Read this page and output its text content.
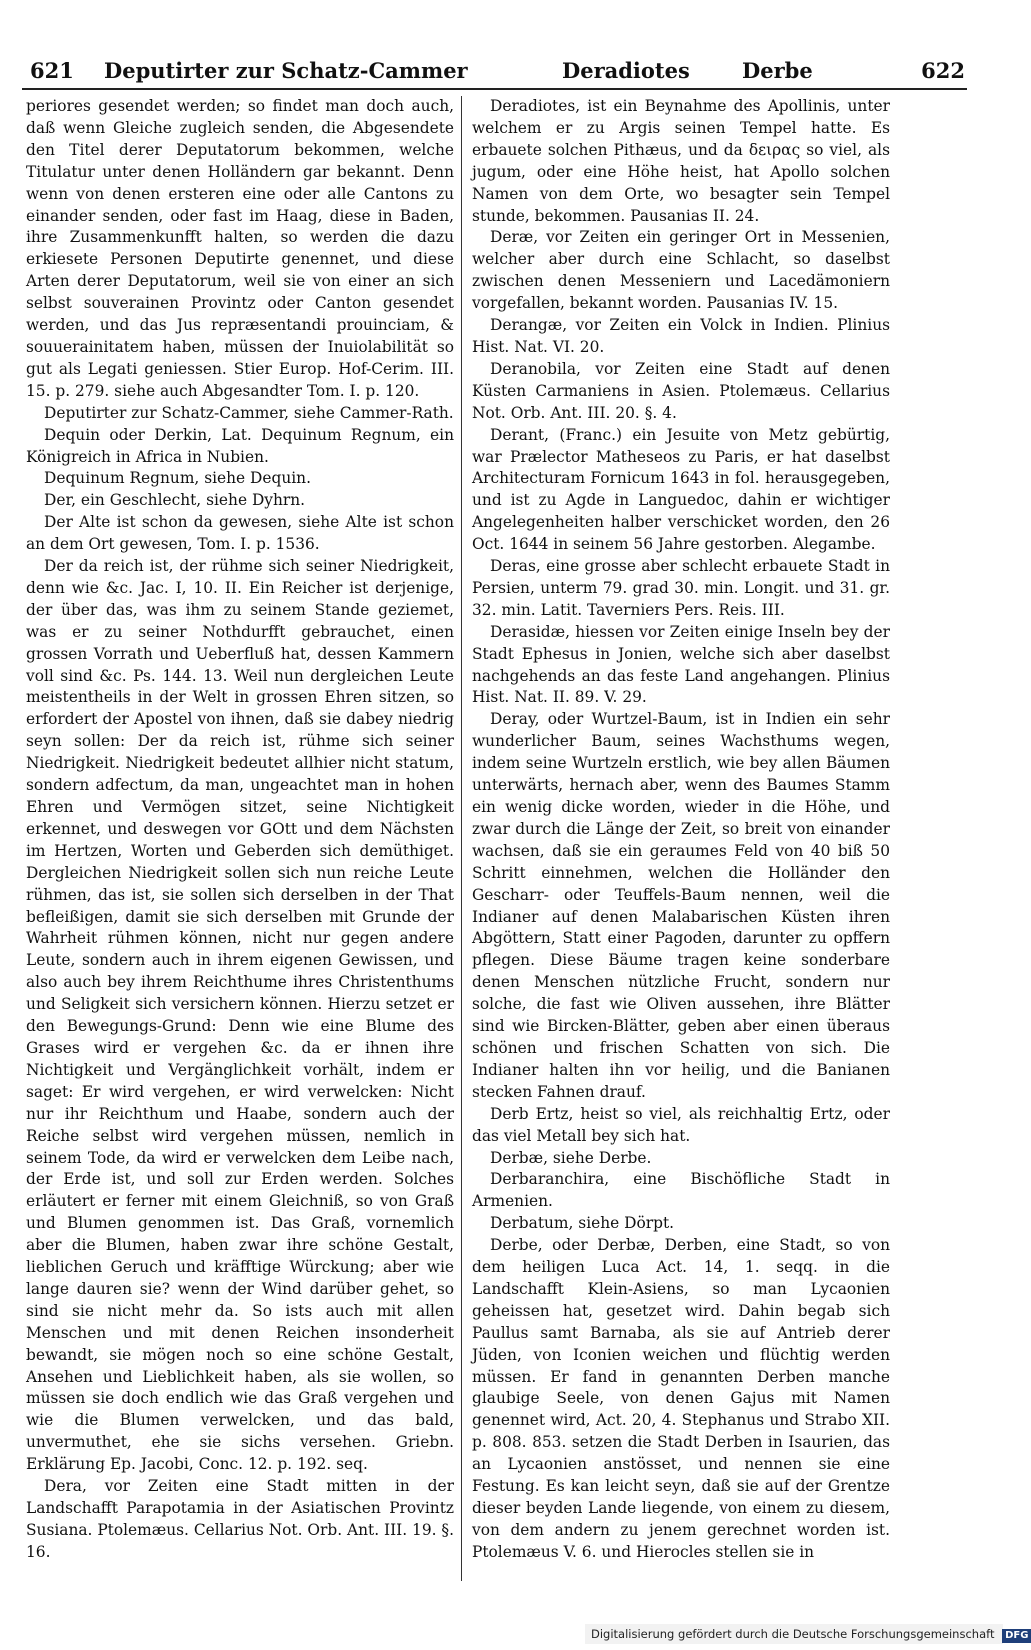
621 Deputirter zur Schatz-Cammer	Deradiotes Derbe	622

periores gesendet werden; so findet man doch auch, daß wenn Gleiche zugleich senden, die Abgesendete den Titel derer Deputatorum bekommen, welche Titulatur unter denen Holländern gar bekannt. Denn wenn von denen ersteren eine oder alle Cantons zu einander senden, oder fast im Haag, diese in Baden, ihre Zusammenkunfft halten, so werden die dazu erkiesete Personen Deputirte genennet, und diese Arten derer Deputatorum, weil sie von einer an sich selbst souverainen Provintz oder Canton gesendet werden, und das Jus repræsentandi prouinciam, & souuerainitatem haben, müssen der Inuiolabilität so gut als Legati geniessen. Stier Europ. Hof-Cerim. III. 15. p. 279. siehe auch Abgesandter Tom. I. p. 120.

Deputirter zur Schatz-Cammer, siehe Cammer-Rath.

Dequin oder Derkin, Lat. Dequinum Regnum, ein Königreich in Africa in Nubien.

Dequinum Regnum, siehe Dequin.

Der, ein Geschlecht, siehe Dyhrn.

Der Alte ist schon da gewesen, siehe Alte ist schon an dem Ort gewesen, Tom. I. p. 1536.

Der da reich ist, der rühme sich seiner Niedrigkeit, denn wie &c. Jac. I, 10. II. Ein Reicher ist derjenige, der über das, was ihm zu seinem Stande geziemet, was er zu seiner Nothdurfft gebrauchet, einen grossen Vorrath und Ueberfluß hat, dessen Kammern voll sind &c. Ps. 144. 13. Weil nun dergleichen Leute meistentheils in der Welt in grossen Ehren sitzen, so erfordert der Apostel von ihnen, daß sie dabey niedrig seyn sollen: Der da reich ist, rühme sich seiner Niedrigkeit. Niedrigkeit bedeutet allhier nicht statum, sondern adfectum, da man, ungeachtet man in hohen Ehren und Vermögen sitzet, seine Nichtigkeit erkennet, und deswegen vor GOtt und dem Nächsten im Hertzen, Worten und Geberden sich demüthiget. Dergleichen Niedrigkeit sollen sich nun reiche Leute rühmen, das ist, sie sollen sich derselben in der That befleißigen, damit sie sich derselben mit Grunde der Wahrheit rühmen können, nicht nur gegen andere Leute, sondern auch in ihrem eigenen Gewissen, und also auch bey ihrem Reichthume ihres Christenthums und Seligkeit sich versichern können. Hierzu setzet er den Bewegungs-Grund: Denn wie eine Blume des Grases wird er vergehen &c. da er ihnen ihre Nichtigkeit und Vergänglichkeit vorhält, indem er saget: Er wird vergehen, er wird verwelcken: Nicht nur ihr Reichthum und Haabe, sondern auch der Reiche selbst wird vergehen müssen, nemlich in seinem Tode, da wird er verwelcken dem Leibe nach, der Erde ist, und soll zur Erden werden. Solches erläutert er ferner mit einem Gleichniß, so von Graß und Blumen genommen ist. Das Graß, vornemlich aber die Blumen, haben zwar ihre schöne Gestalt, lieblichen Geruch und kräfftige Würckung; aber wie lange dauren sie? wenn der Wind darüber gehet, so sind sie nicht mehr da. So ists auch mit allen Menschen und mit denen Reichen insonderheit bewandt, sie mögen noch so eine schöne Gestalt, Ansehen und Lieblichkeit haben, als sie wollen, so müssen sie doch endlich wie das Graß vergehen und wie die Blumen verwelcken, und das bald, unvermuthet, ehe sie sichs versehen. Griebn. Erklärung Ep. Jacobi, Conc. 12. p. 192. seq.

Dera, vor Zeiten eine Stadt mitten in der Landschafft Parapotamia in der Asiatischen Provintz Susiana. Ptolemæus. Cellarius Not. Orb. Ant. III. 19. §. 16.

Deradiotes, ist ein Beynahme des Apollinis, unter welchem er zu Argis seinen Tempel hatte. Es erbauete solchen Pithæus, und da δειρας so viel, als jugum, oder eine Höhe heist, hat Apollo solchen Namen von dem Orte, wo besagter sein Tempel stunde, bekommen. Pausanias II. 24.

Deræ, vor Zeiten ein geringer Ort in Messenien, welcher aber durch eine Schlacht, so daselbst zwischen denen Messeniern und Lacedämoniern vorgefallen, bekannt worden. Pausanias IV. 15.

Derangæ, vor Zeiten ein Volck in Indien. Plinius Hist. Nat. VI. 20.

Deranobila, vor Zeiten eine Stadt auf denen Küsten Carmaniens in Asien. Ptolemæus. Cellarius Not. Orb. Ant. III. 20. §. 4.

Derant, (Franc.) ein Jesuite von Metz gebürtig, war Prælector Matheseos zu Paris, er hat daselbst Architecturam Fornicum 1643 in fol. herausgegeben, und ist zu Agde in Languedoc, dahin er wichtiger Angelegenheiten halber verschicket worden, den 26 Oct. 1644 in seinem 56 Jahre gestorben. Alegambe.

Deras, eine grosse aber schlecht erbauete Stadt in Persien, unterm 79. grad 30. min. Longit. und 31. gr. 32. min. Latit. Taverniers Pers. Reis. III.

Derasidæ, hiessen vor Zeiten einige Inseln bey der Stadt Ephesus in Jonien, welche sich aber daselbst nachgehends an das feste Land angehangen. Plinius Hist. Nat. II. 89. V. 29.

Deray, oder Wurtzel-Baum, ist in Indien ein sehr wunderlicher Baum, seines Wachsthums wegen, indem seine Wurtzeln erstlich, wie bey allen Bäumen unterwärts, hernach aber, wenn des Baumes Stamm ein wenig dicke worden, wieder in die Höhe, und zwar durch die Länge der Zeit, so breit von einander wachsen, daß sie ein geraumes Feld von 40 biß 50 Schritt einnehmen, welchen die Holländer den Gescharr- oder Teuffels-Baum nennen, weil die Indianer auf denen Malabarischen Küsten ihren Abgöttern, Statt einer Pagoden, darunter zu opffern pflegen. Diese Bäume tragen keine sonderbare denen Menschen nützliche Frucht, sondern nur solche, die fast wie Oliven aussehen, ihre Blätter sind wie Bircken-Blätter, geben aber einen überaus schönen und frischen Schatten von sich. Die Indianer halten ihn vor heilig, und die Banianen stecken Fahnen drauf.

Derb Ertz, heist so viel, als reichhaltig Ertz, oder das viel Metall bey sich hat.

Derbæ, siehe Derbe.

Derbaranchira, eine Bischöfliche Stadt in Armenien.

Derbatum, siehe Dörpt.

Derbe, oder Derbæ, Derben, eine Stadt, so von dem heiligen Luca Act. 14, 1. seqq. in die Landschafft Klein-Asiens, so man Lycaonien geheissen hat, gesetzet wird. Dahin begab sich Paullus samt Barnaba, als sie auf Antrieb derer Jüden, von Iconien weichen und flüchtig werden müssen. Er fand in genannten Derben manche glaubige Seele, von denen Gajus mit Namen genennet wird, Act. 20, 4. Stephanus und Strabo XII. p. 808. 853. setzen die Stadt Derben in Isaurien, das an Lycaonien anstösset, und nennen sie eine Festung. Es kan leicht seyn, daß sie auf der Grentze dieser beyden Lande liegende, von einem zu diesem, von dem andern zu jenem gerechnet worden ist. Ptolemæus V. 6. und Hierocles stellen sie in

Digitalisierung gefördert durch die Deutsche Forschungsgemeinschaft DFG
